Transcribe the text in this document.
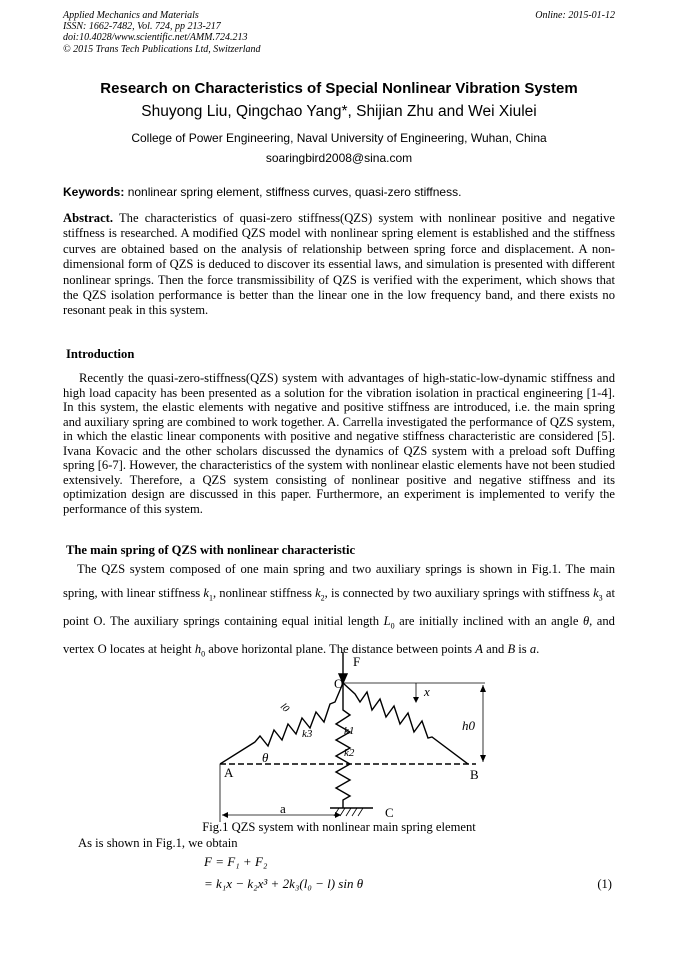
Applied Mechanics and Materials
ISSN: 1662-7482, Vol. 724, pp 213-217
doi:10.4028/www.scientific.net/AMM.724.213
© 2015 Trans Tech Publications Ltd, Switzerland
Online: 2015-01-12
Research on Characteristics of Special Nonlinear Vibration System
Shuyong Liu, Qingchao Yang*, Shijian Zhu and Wei Xiulei
College of Power Engineering, Naval University of Engineering, Wuhan, China
soaringbird2008@sina.com
Keywords: nonlinear spring element, stiffness curves, quasi-zero stiffness.
Abstract. The characteristics of quasi-zero stiffness(QZS) system with nonlinear positive and negative stiffness is researched. A modified QZS model with nonlinear spring element is established and the stiffness curves are obtained based on the analysis of relationship between spring force and displacement. A non-dimensional form of QZS is deduced to discover its essential laws, and simulation is presented with different nonlinear springs. Then the force transmissibility of QZS is verified with the experiment, which shows that the QZS isolation performance is better than the linear one in the low frequency band, and there exists no resonant peak in this system.
Introduction
Recently the quasi-zero-stiffness(QZS) system with advantages of high-static-low-dynamic stiffness and high load capacity has been presented as a solution for the vibration isolation in practical engineering [1-4]. In this system, the elastic elements with negative and positive stiffness are introduced, i.e. the main spring and auxiliary spring are combined to work together. A. Carrella investigated the performance of QZS system, in which the elastic linear components with positive and negative stiffness characteristic are considered [5]. Ivana Kovacic and the other scholars discussed the dynamics of QZS system with a preload soft Duffing spring [6-7]. However, the characteristics of the system with nonlinear elastic elements have not been studied extensively. Therefore, a QZS system consisting of nonlinear positive and negative stiffness and its optimization design are discussed in this paper. Furthermore, an experiment is implemented to verify the performance of this system.
The main spring of QZS with nonlinear characteristic
The QZS system composed of one main spring and two auxiliary springs is shown in Fig.1. The main spring, with linear stiffness $k_1$, nonlinear stiffness $k_2$, is connected by two auxiliary springs with stiffness $k_3$ at point O. The auxiliary springs containing equal initial length $L_0$ are initially inclined with an angle θ, and vertex O locates at height $h_0$ above horizontal plane. The distance between points A and B is a.
F
O
x
h0
l0
k3	k1
k2
θ
A	B
C
a
Fig.1 QZS system with nonlinear main spring element
As is shown in Fig.1, we obtain
F = F₁ + F₂
= k₁x − k₂x³ + 2k₃(l₀ − l) sin θ	(1)
